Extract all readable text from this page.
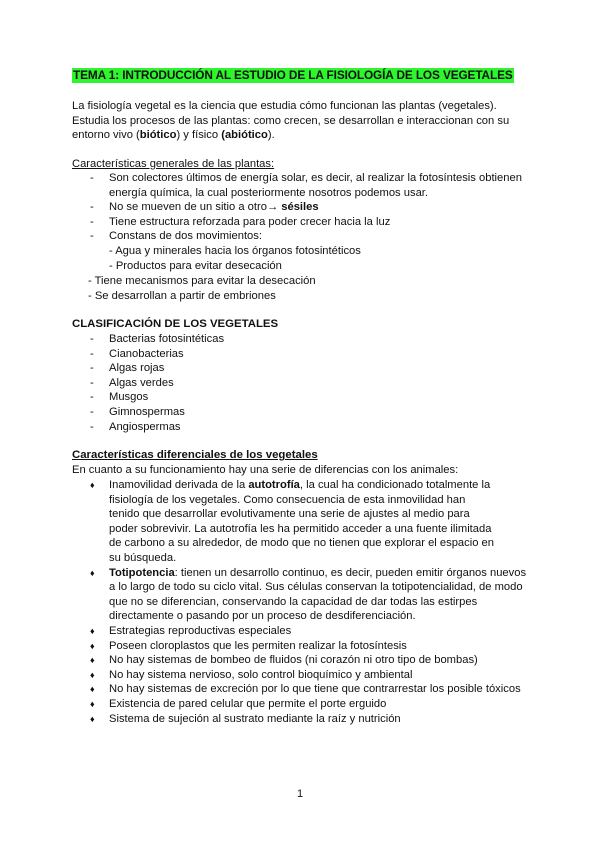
TEMA 1: INTRODUCCIÓN AL ESTUDIO DE LA FISIOLOGÍA DE LOS VEGETALES
La fisiología vegetal es la ciencia que estudia cómo funcionan las plantas (vegetales).
Estudia los procesos de las plantas: como crecen, se desarrollan e interaccionan con su
entorno vivo (biótico) y físico (abiótico).
Características generales de las plantas:
- Son colectores últimos de energía solar, es decir, al realizar la fotosíntesis obtienen
energía química, la cual posteriormente nosotros podemos usar.
- No se mueven de un sitio a otro→ sésiles
- Tiene estructura reforzada para poder crecer hacia la luz
- Constans de dos movimientos:
- Agua y minerales hacia los órganos fotosintéticos
- Productos para evitar desecación
- Tiene mecanismos para evitar la desecación
- Se desarrollan a partir de embriones
CLASIFICACIÓN DE LOS VEGETALES
- Bacterias fotosintéticas
- Cianobacterias
- Algas rojas
- Algas verdes
- Musgos
- Gimnospermas
- Angiospermas
Características diferenciales de los vegetales
En cuanto a su funcionamiento hay una serie de diferencias con los animales:
♦ Inamovilidad derivada de la autotrofía, la cual ha condicionado totalmente la
fisiología de los vegetales. Como consecuencia de esta inmovilidad han
tenido que desarrollar evolutivamente una serie de ajustes al medio para
poder sobrevivir. La autotrofía les ha permitido acceder a una fuente ilimitada
de carbono a su alrededor, de modo que no tienen que explorar el espacio en
su búsqueda.
♦ Totipotencia: tienen un desarrollo continuo, es decir, pueden emitir órganos nuevos
a lo largo de todo su ciclo vital. Sus células conservan la totipotencialidad, de modo
que no se diferencian, conservando la capacidad de dar todas las estirpes
directamente o pasando por un proceso de desdiferenciación.
♦ Estrategias reproductivas especiales
♦ Poseen cloroplastos que les permiten realizar la fotosíntesis
♦ No hay sistemas de bombeo de fluidos (ni corazón ni otro tipo de bombas)
♦ No hay sistema nervioso, solo control bioquímico y ambiental
♦ No hay sistemas de excreción por lo que tiene que contrarrestar los posible tóxicos
♦ Existencia de pared celular que permite el porte erguido
♦ Sistema de sujeción al sustrato mediante la raíz y nutrición
1
